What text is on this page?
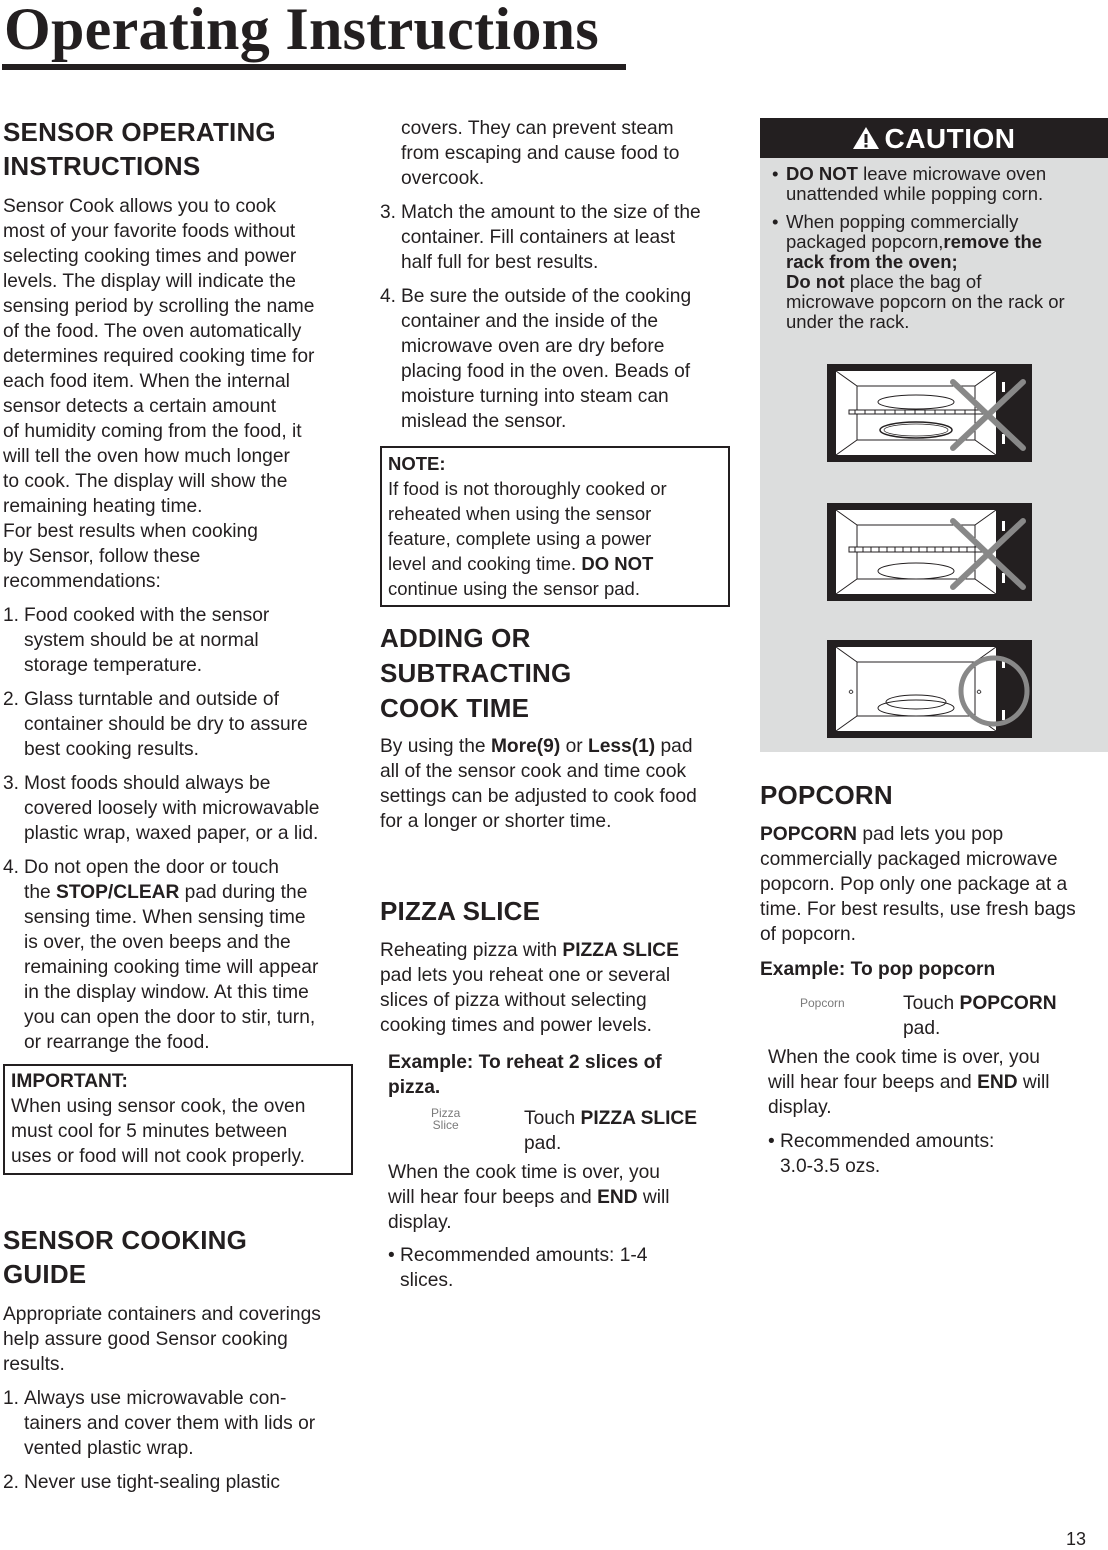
Operating Instructions
SENSOR OPERATING
INSTRUCTIONS
Sensor Cook allows you to cook
most of your favorite foods without
selecting cooking times and power
levels. The display will indicate the
sensing period by scrolling the name
of the food. The oven automatically
determines required cooking time for
each food item. When the internal
sensor detects a certain amount
of humidity coming from the food, it
will tell the oven how much longer
to cook. The display will show the
remaining heating time.
For best results when cooking
by Sensor, follow these
recommendations:
1. Food cooked with the sensor
system should be at normal
storage temperature.
2. Glass turntable and outside of
container should be dry to assure
best cooking results.
3. Most foods should always be
covered loosely with microwavable
plastic wrap, waxed paper, or a lid.
4. Do not open the door or touch
the STOP/CLEAR pad during the
sensing time. When sensing time
is over, the oven beeps and the
remaining cooking time will appear
in the display window. At this time
you can open the door to stir, turn,
or rearrange the food.
IMPORTANT:
When using sensor cook, the oven
must cool for 5 minutes between
uses or food will not cook properly.
SENSOR COOKING
GUIDE
Appropriate containers and coverings
help assure good Sensor cooking
results.
1. Always use microwavable con-
tainers and cover them with lids or
vented plastic wrap.
2. Never use tight-sealing plastic
covers. They can prevent steam
from escaping and cause food to
overcook.
3. Match the amount to the size of the
container. Fill containers at least
half full for best results.
4. Be sure the outside of the cooking
container and the inside of the
microwave oven are dry before
placing food in the oven. Beads of
moisture turning into steam can
mislead the sensor.
NOTE:
If food is not thoroughly cooked or
reheated when using the sensor
feature, complete using a power
level and cooking time. DO NOT
continue using the sensor pad.
ADDING OR
SUBTRACTING
COOK TIME
By using the More(9) or Less(1) pad
all of the sensor cook and time cook
settings can be adjusted to cook food
for a longer or shorter time.
PIZZA SLICE
Reheating pizza with PIZZA SLICE
pad lets you reheat one or several
slices of pizza without selecting
cooking times and power levels.
Example: To reheat 2 slices of
pizza.
Pizza
Slice	Touch PIZZA SLICE
pad.
When the cook time is over, you
will hear four beeps and END will
display.
• Recommended amounts: 1-4
slices.
CAUTION
• DO NOT leave microwave oven
unattended while popping corn.
• When popping commercially
packaged popcorn,remove the
rack from the oven;
Do not place the bag of
microwave popcorn on the rack or
under the rack.
POPCORN
POPCORN pad lets you pop
commercially packaged microwave
popcorn. Pop only one package at a
time. For best results, use fresh bags
of popcorn.
Example: To pop popcorn
Popcorn	Touch POPCORN
pad.
When the cook time is over, you
will hear four beeps and END will
display.
• Recommended amounts:
3.0-3.5 ozs.
13
